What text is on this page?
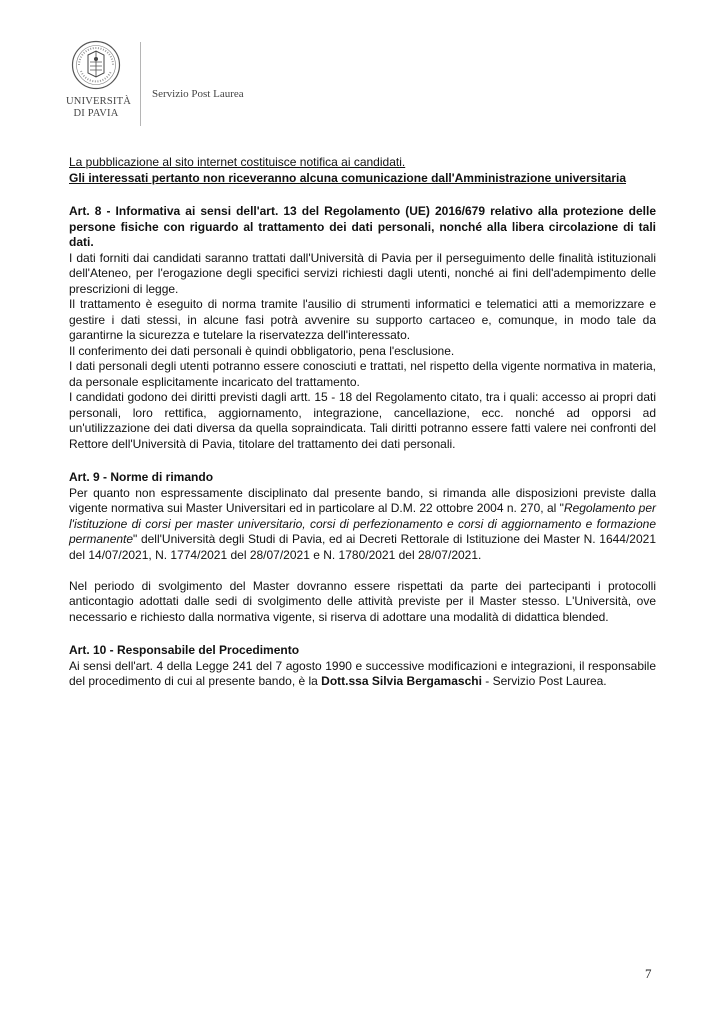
UNIVERSITÀ
DI PAVIA
Servizio Post Laurea

La pubblicazione al sito internet costituisce notifica ai candidati.

Gli interessati pertanto non riceveranno alcuna comunicazione dall'Amministrazione universitaria

Art. 8 - Informativa ai sensi dell'art. 13 del Regolamento (UE) 2016/679 relativo alla protezione delle persone fisiche con riguardo al trattamento dei dati personali, nonché alla libera circolazione di tali dati.

I dati forniti dai candidati saranno trattati dall'Università di Pavia per il perseguimento delle finalità istituzionali dell'Ateneo, per l'erogazione degli specifici servizi richiesti dagli utenti, nonché ai fini dell'adempimento delle prescrizioni di legge.

Il trattamento è eseguito di norma tramite l'ausilio di strumenti informatici e telematici atti a memorizzare e gestire i dati stessi, in alcune fasi potrà avvenire su supporto cartaceo e, comunque, in modo tale da garantirne la sicurezza e tutelare la riservatezza dell'interessato.

Il conferimento dei dati personali è quindi obbligatorio, pena l'esclusione.

I dati personali degli utenti potranno essere conosciuti e trattati, nel rispetto della vigente normativa in materia, da personale esplicitamente incaricato del trattamento.

I candidati godono dei diritti previsti dagli artt. 15 - 18 del Regolamento citato, tra i quali: accesso ai propri dati personali, loro rettifica, aggiornamento, integrazione, cancellazione, ecc. nonché ad opporsi ad un'utilizzazione dei dati diversa da quella sopraindicata. Tali diritti potranno essere fatti valere nei confronti del Rettore dell'Università di Pavia, titolare del trattamento dei dati personali.

Art. 9 - Norme di rimando

Per quanto non espressamente disciplinato dal presente bando, si rimanda alle disposizioni previste dalla vigente normativa sui Master Universitari ed in particolare al D.M. 22 ottobre 2004 n. 270, al "Regolamento per l'istituzione di corsi per master universitario, corsi di perfezionamento e corsi di aggiornamento e formazione permanente" dell'Università degli Studi di Pavia, ed ai Decreti Rettorale di Istituzione dei Master N. 1644/2021 del 14/07/2021, N. 1774/2021 del 28/07/2021 e N. 1780/2021 del 28/07/2021.

Nel periodo di svolgimento del Master dovranno essere rispettati da parte dei partecipanti i protocolli anticontagio adottati dalle sedi di svolgimento delle attività previste per il Master stesso. L'Università, ove necessario e richiesto dalla normativa vigente, si riserva di adottare una modalità di didattica blended.

Art. 10 - Responsabile del Procedimento

Ai sensi dell'art. 4 della Legge 241 del 7 agosto 1990 e successive modificazioni e integrazioni, il responsabile del procedimento di cui al presente bando, è la Dott.ssa Silvia Bergamaschi - Servizio Post Laurea.

7
